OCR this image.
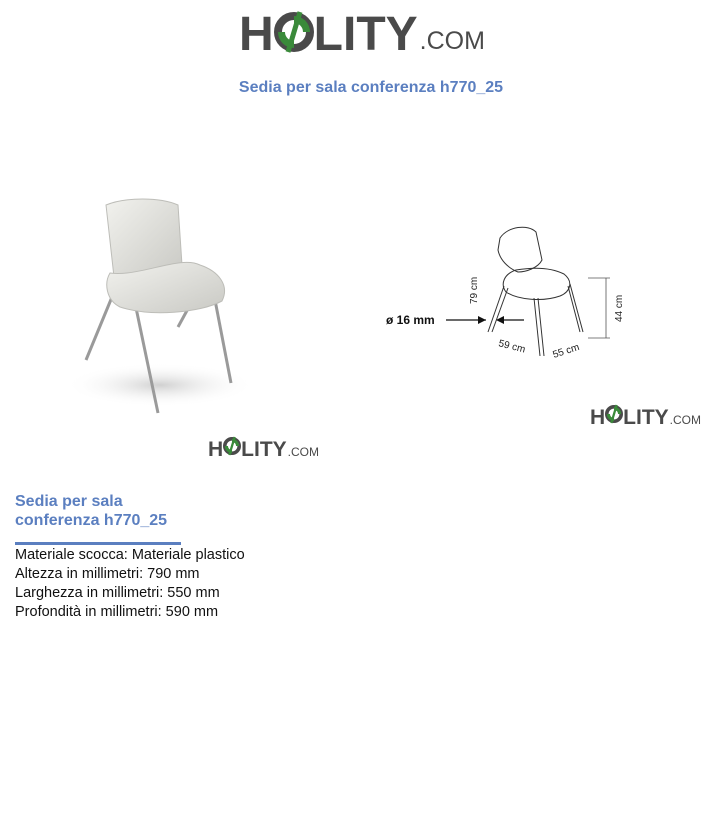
H LITY .COM
Sedia per sala conferenza h770_25
H LITY .COM
ø 16 mm
79 cm
44 cm
59 cm	55 cm
H LITY .COM
Sedia per sala
conferenza h770_25
Materiale scocca: Materiale plastico
Altezza in millimetri: 790 mm
Larghezza in millimetri: 550 mm
Profondità in millimetri: 590 mm
